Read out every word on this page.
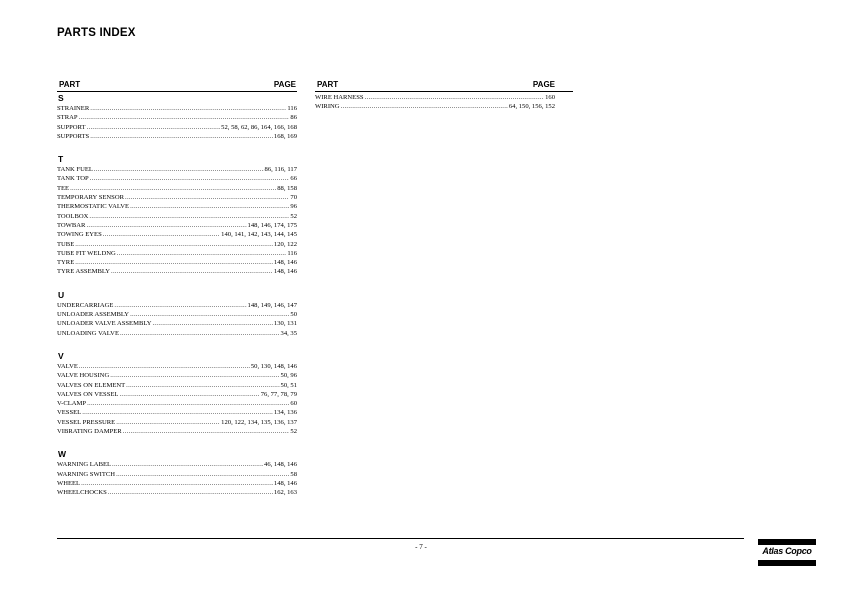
PARTS INDEX
PART	PAGE
S
STRAINER .....	116
STRAP .....	86
SUPPORT .....	52, 58, 62, 86, 164, 166, 168
SUPPORTS .....	168, 169
T
TANK FUEL .....	86, 116, 117
TANK TOP .....	66
TEE .....	88, 158
TEMPORARY SENSOR .....	70
THERMOSTATIC VALVE .....	96
TOOLBOX .....	52
TOWBAR .....	148, 146, 174, 175
TOWING EYES .....	140, 141, 142, 143, 144, 145
TUBE .....	120, 122
TUBE FIT WELDNG .....	116
TYRE .....	148, 146
TYRE ASSEMBLY .....	148, 146
U
UNDERCARRIAGE .....	148, 149, 146, 147
UNLOADER ASSEMBLY .....	50
UNLOADER VALVE ASSEMBLY .....	130, 131
UNLOADING VALVE .....	34, 35
V
VALVE .....	50, 130, 148, 146
VALVE HOUSING .....	50, 96
VALVES ON ELEMENT .....	50, 51
VALVES ON VESSEL .....	76, 77, 78, 79
V-CLAMP .....	60
VESSEL .....	134, 136
VESSEL PRESSURE .....	120, 122, 134, 135, 136, 137
VIBRATING DAMPER .....	52
W
WARNING LABEL .....	46, 148, 146
WARNING SWITCH .....	58
WHEEL .....	148, 146
WHEELCHOCKS .....	162, 163
PART	PAGE
WIRE HARNESS .....	160
WIRING .....	64, 150, 156, 152
- 7 -	Atlas Copco
